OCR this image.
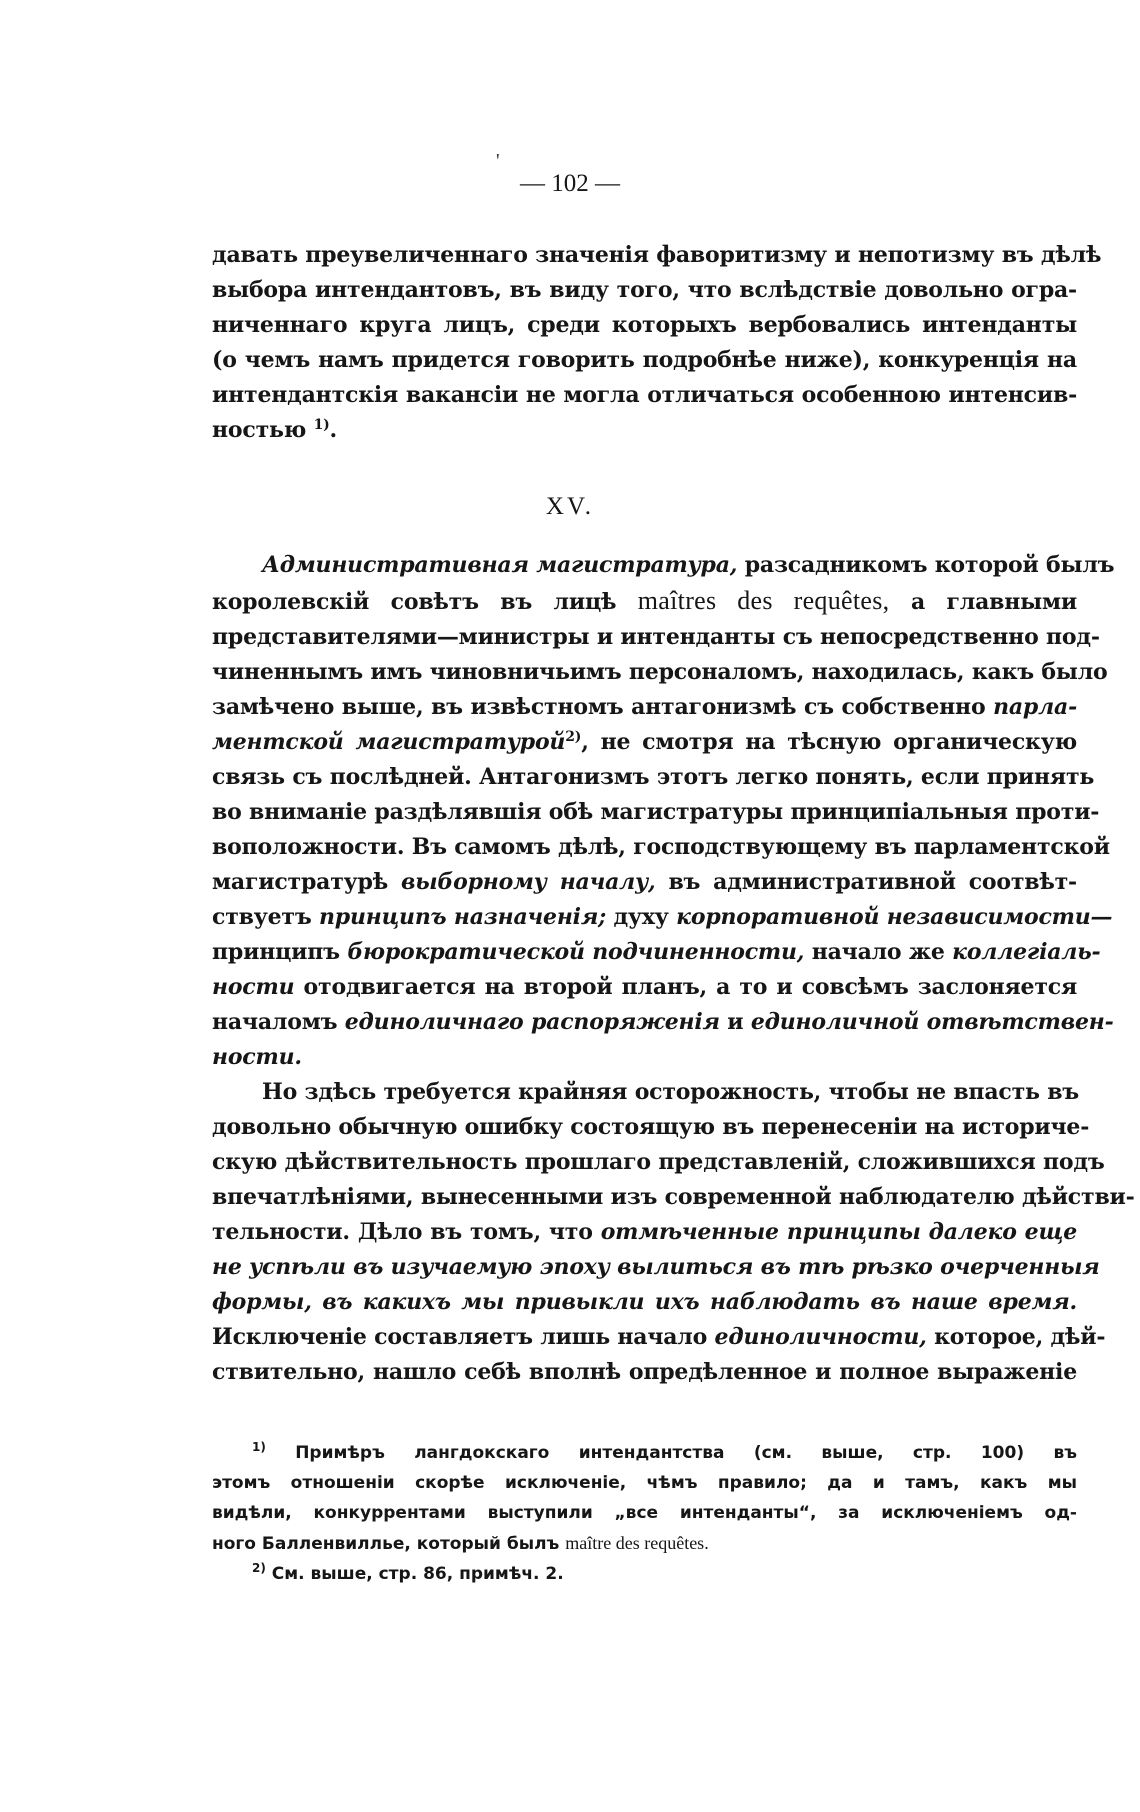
'
— 102 —
давать преувеличеннаго значенія фаворитизму и непотизму въ дѣлѣ
выбора интендантовъ, въ виду того, что вслѣдствіе довольно огра-
ниченнаго круга лицъ, среди которыхъ вербовались интенданты
(о чемъ намъ придется говорить подробнѣе ниже), конкуренція на
интендантскія вакансіи не могла отличаться особенною интенсив-
ностью $^{1)}$.
XV.
Административная магистратура, разсадникомъ которой былъ
королевскій совѣтъ въ лицѣ maîtres des requêtes, а главными
представителями—министры и интенданты съ непосредственно под-
чиненнымъ имъ чиновничьимъ персоналомъ, находилась, какъ было
замѣчено выше, въ извѣстномъ антагонизмѣ съ собственно парла-
ментской магистратурой$^{2)}$, не смотря на тѣсную органическую
связь съ послѣдней. Антагонизмъ этотъ легко понять, если принять
во вниманіе раздѣлявшія обѣ магистратуры принципіальныя проти-
воположности. Въ самомъ дѣлѣ, господствующему въ парламентской
магистратурѣ выборному началу, въ административной соотвѣт-
ствуетъ принципъ назначенія; духу корпоративной независимости—
принципъ бюрократической подчиненности, начало же коллегіаль-
ности отодвигается на второй планъ, а то и совсѣмъ заслоняется
началомъ единоличнаго распоряженія и единоличной отвѣтствен-
ности.
Но здѣсь требуется крайняя осторожность, чтобы не впасть въ
довольно обычную ошибку состоящую въ перенесеніи на историче-
скую дѣйствительность прошлаго представленій, сложившихся подъ
впечатлѣніями, вынесенными изъ современной наблюдателю дѣйстви-
тельности. Дѣло въ томъ, что отмѣченные принципы далеко еще
не успѣли въ изучаемую эпоху вылиться въ тѣ рѣзко очерченныя
формы, въ какихъ мы привыкли ихъ наблюдать въ наше время.
Исключеніе составляетъ лишь начало единоличности, которое, дѣй-
ствительно, нашло себѣ вполнѣ опредѣленное и полное выраженіе
$^{1)}$ Примѣръ лангдокскаго интендантства (см. выше, стр. 100) въ
этомъ отношеніи скорѣе исключеніе, чѣмъ правило; да и тамъ, какъ мы
видѣли, конкуррентами выступили „все интенданты“, за исключеніемъ од-
ного Балленвилльe, который былъ maître des requêtes.
$^{2)}$ См. выше, стр. 86, примѣч. 2.
